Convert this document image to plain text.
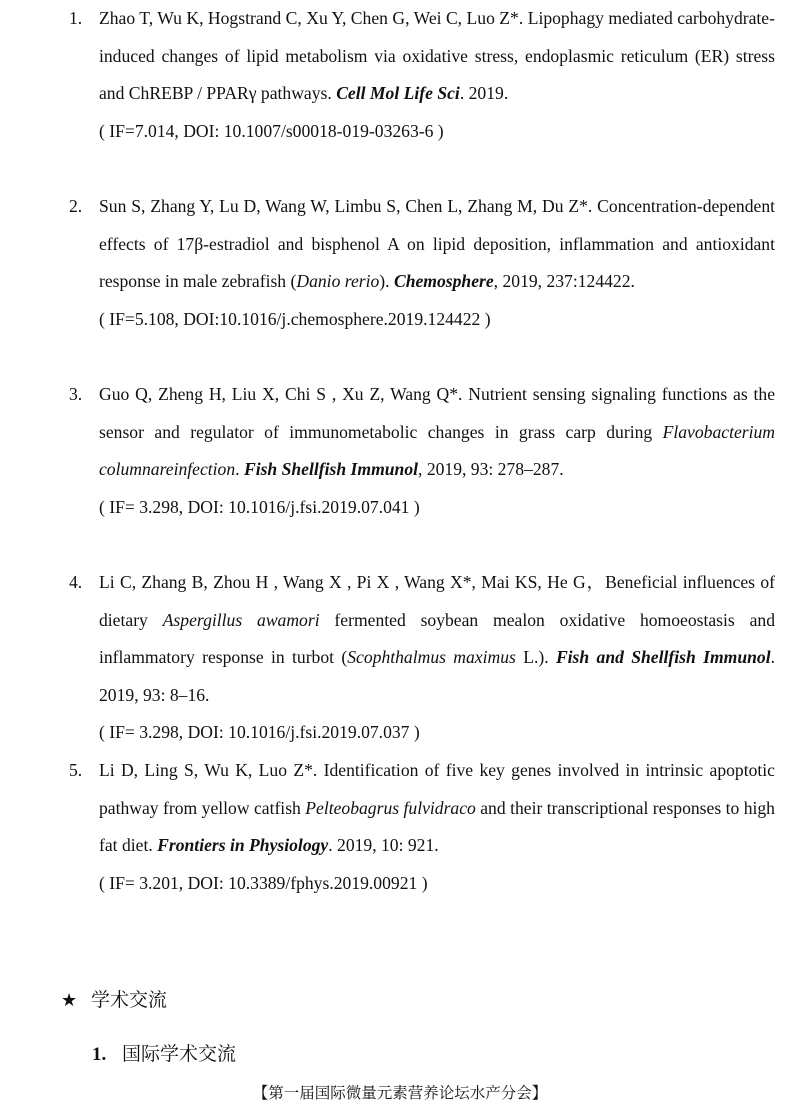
1. Zhao T, Wu K, Hogstrand C, Xu Y, Chen G, Wei C, Luo Z*. Lipophagy mediated carbohydrate-induced changes of lipid metabolism via oxidative stress, endoplasmic reticulum (ER) stress and ChREBP / PPARγ pathways. Cell Mol Life Sci. 2019.
( IF=7.014, DOI: 10.1007/s00018-019-03263-6 )
2. Sun S, Zhang Y, Lu D, Wang W, Limbu S, Chen L, Zhang M, Du Z*. Concentration-dependent effects of 17β-estradiol and bisphenol A on lipid deposition, inflammation and antioxidant response in male zebrafish (Danio rerio). Chemosphere, 2019, 237:124422.
( IF=5.108, DOI:10.1016/j.chemosphere.2019.124422 )
3. Guo Q, Zheng H, Liu X, Chi S , Xu Z, Wang Q*. Nutrient sensing signaling functions as the sensor and regulator of immunometabolic changes in grass carp during Flavobacterium columnareinfection. Fish Shellfish Immunol, 2019, 93: 278–287.
( IF= 3.298, DOI: 10.1016/j.fsi.2019.07.041 )
4. Li C, Zhang B, Zhou H , Wang X , Pi X , Wang X*, Mai KS, He G，Beneficial influences of dietary Aspergillus awamori fermented soybean mealon oxidative homoeostasis and inflammatory response in turbot (Scophthalmus maximus L.). Fish and Shellfish Immunol. 2019, 93: 8–16.
( IF= 3.298, DOI: 10.1016/j.fsi.2019.07.037 )
5. Li D, Ling S, Wu K, Luo Z*. Identification of five key genes involved in intrinsic apoptotic pathway from yellow catfish Pelteobagrus fulvidraco and their transcriptional responses to high fat diet. Frontiers in Physiology. 2019, 10: 921.
( IF= 3.201, DOI: 10.3389/fphys.2019.00921 )
★ 学术交流
1. 国际学术交流
【第一届国际微量元素营养论坛水产分会】
